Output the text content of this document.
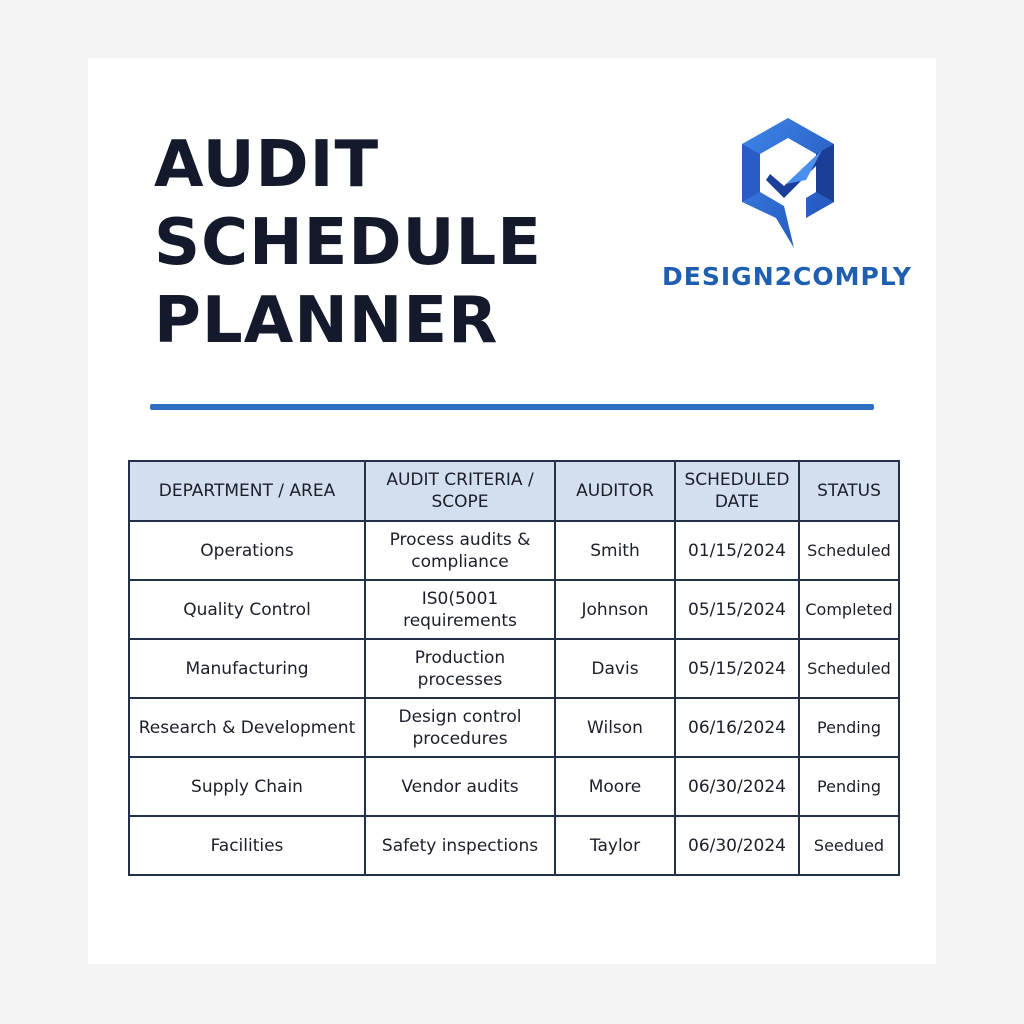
AUDIT
SCHEDULE
PLANNER
DESIGN2COMPLY
DEPARTMENT / AREA	AUDIT CRITERIA / SCOPE	AUDITOR	SCHEDULED DATE	STATUS
Operations	Process audits & compliance	Smith	01/15/2024	Scheduled
Quality Control	IS0(5001 requirements	Johnson	05/15/2024	Completed
Manufacturing	Production processes	Davis	05/15/2024	Scheduled
Research & Development	Design control procedures	Wilson	06/16/2024	Pending
Supply Chain	Vendor audits	Moore	06/30/2024	Pending
Facilities	Safety inspections	Taylor	06/30/2024	Seedued
